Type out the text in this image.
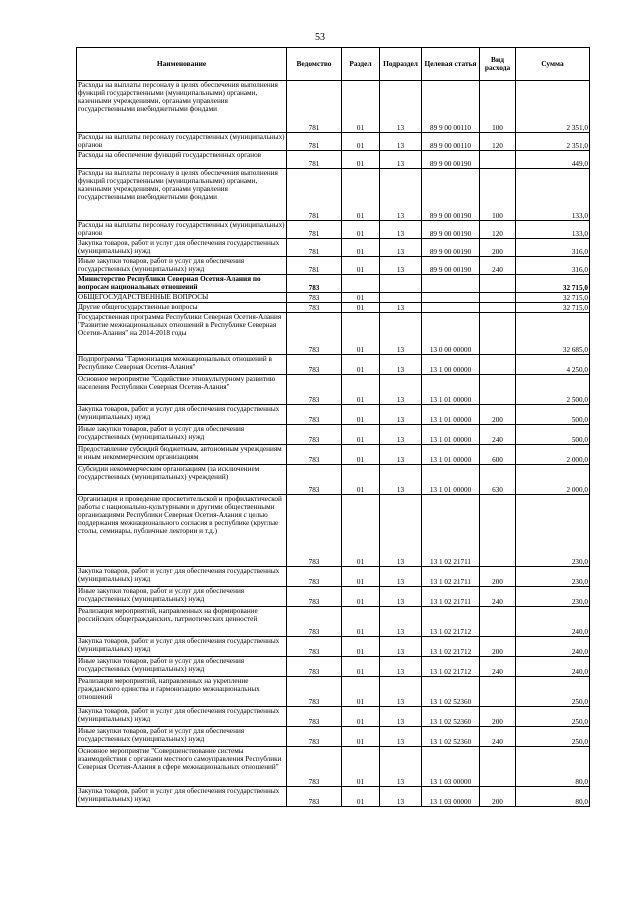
53
Наименование	Ведомство	Раздел	Подраздел	Целевая статья	Вид расхода	Сумма
Расходы на выплаты персоналу в целях обеспечения выполнения функций государственными (муниципальными) органами, казенными учреждениями, органами управления государственными внебюджетными фондами	781	01	13	89 9 00 00110	100	2 351,0
Расходы на выплаты персоналу государственных (муниципальных) органов	781	01	13	89 9 00 00110	120	2 351,0
Расходы на обеспечение функций государственных органов	781	01	13	89 9 00 00190		449,0
Расходы на выплаты персоналу в целях обеспечения выполнения функций государственными (муниципальными) органами, казенными учреждениями, органами управления государственными внебюджетными фондами	781	01	13	89 9 00 00190	100	133,0
Расходы на выплаты персоналу государственных (муниципальных) органов	781	01	13	89 9 00 00190	120	133,0
Закупка товаров, работ и услуг для обеспечения государственных (муниципальных) нужд	781	01	13	89 9 00 00190	200	316,0
Иные закупки товаров, работ и услуг для обеспечения государственных (муниципальных) нужд	781	01	13	89 9 00 00190	240	316,0
Министерство Республики Северная Осетия-Алания по вопросам национальных отношений	783					32 715,0
ОБЩЕГОСУДАРСТВЕННЫЕ ВОПРОСЫ	783	01				32 715,0
Другие общегосударственные вопросы	783	01	13			32 715,0
Государственная программа Республики Северная Осетия-Алания "Развитие межнациональных отношений в Республике Северная Осетия-Алания" на 2014-2018 годы	783	01	13	13 0 00 00000		32 685,0
Подпрограмма "Гармонизация межнациональных отношений в Республике Северная Осетия-Алания"	783	01	13	13 1 00 00000		4 250,0
Основное мероприятие "Содействие этнокультурному развитию населения Республики Северная Осетия-Алания"	783	01	13	13 1 01 00000		2 500,0
Закупка товаров, работ и услуг для обеспечения государственных (муниципальных) нужд	783	01	13	13 1 01 00000	200	500,0
Иные закупки товаров, работ и услуг для обеспечения государственных (муниципальных) нужд	783	01	13	13 1 01 00000	240	500,0
Предоставление субсидий бюджетным, автономным учреждениям и иным некоммерческим организациям	783	01	13	13 1 01 00000	600	2 000,0
Субсидии некоммерческим организациям (за исключением государственных (муниципальных) учреждений)	783	01	13	13 1 01 00000	630	2 000,0
Организация и проведение просветительской и профилактической работы с национально-культурными и другими общественными организациями Республики Северная Осетия-Алания с целью поддержания межнационального согласия в республике (круглые столы, семинары, публичные лектории и т.д.)	783	01	13	13 1 02 21711		230,0
Закупка товаров, работ и услуг для обеспечения государственных (муниципальных) нужд	783	01	13	13 1 02 21711	200	230,0
Иные закупки товаров, работ и услуг для обеспечения государственных (муниципальных) нужд	783	01	13	13 1 02 21711	240	230,0
Реализация мероприятий, направленных на формирование российских общегражданских, патриотических ценностей	783	01	13	13 1 02 21712		240,0
Закупка товаров, работ и услуг для обеспечения государственных (муниципальных) нужд	783	01	13	13 1 02 21712	200	240,0
Иные закупки товаров, работ и услуг для обеспечения государственных (муниципальных) нужд	783	01	13	13 1 02 21712	240	240,0
Реализация мероприятий, направленных на укрепление гражданского единства и гармонизацию межнациональных отношений	783	01	13	13 1 02 52360		250,0
Закупка товаров, работ и услуг для обеспечения государственных (муниципальных) нужд	783	01	13	13 1 02 52360	200	250,0
Иные закупки товаров, работ и услуг для обеспечения государственных (муниципальных) нужд	783	01	13	13 1 02 52360	240	250,0
Основное мероприятие "Совершенствование системы взаимодействия с органами местного самоуправления Республики Северная Осетия-Алания в сфере межнациональных отношений"	783	01	13	13 1 03 00000		80,0
Закупка товаров, работ и услуг для обеспечения государственных (муниципальных) нужд	783	01	13	13 1 03 00000	200	80,0
